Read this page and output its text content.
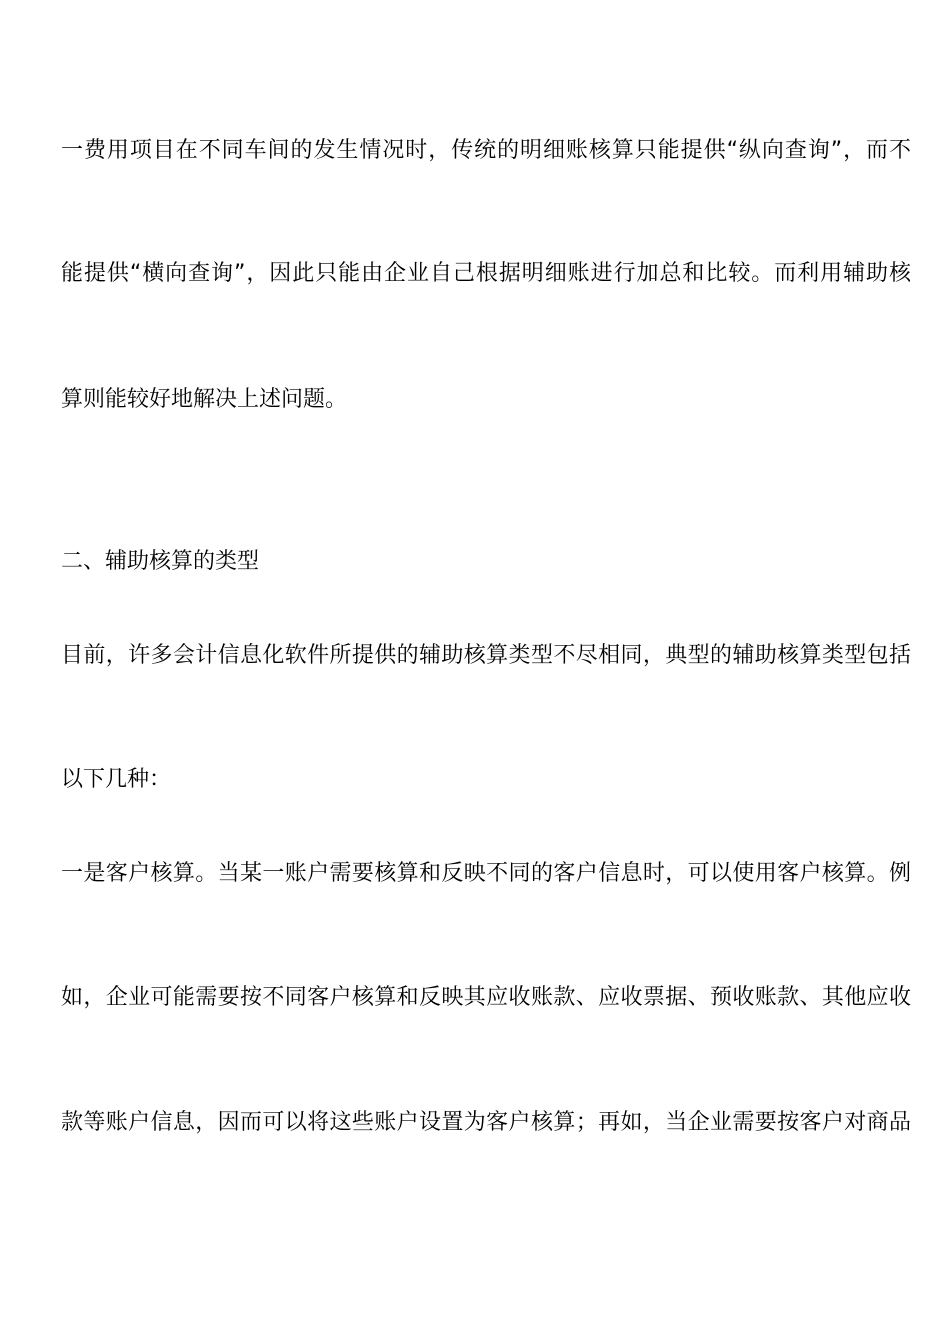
一费用项目在不同车间的发生情况时，传统的明细账核算只能提供“纵向查询”，而不
能提供“横向查询”，因此只能由企业自己根据明细账进行加总和比较。而利用辅助核
算则能较好地解决上述问题。
二、辅助核算的类型
目前，许多会计信息化软件所提供的辅助核算类型不尽相同，典型的辅助核算类型包括
以下几种：
一是客户核算。当某一账户需要核算和反映不同的客户信息时，可以使用客户核算。例
如，企业可能需要按不同客户核算和反映其应收账款、应收票据、预收账款、其他应收
款等账户信息，因而可以将这些账户设置为客户核算；再如，当企业需要按客户对商品
